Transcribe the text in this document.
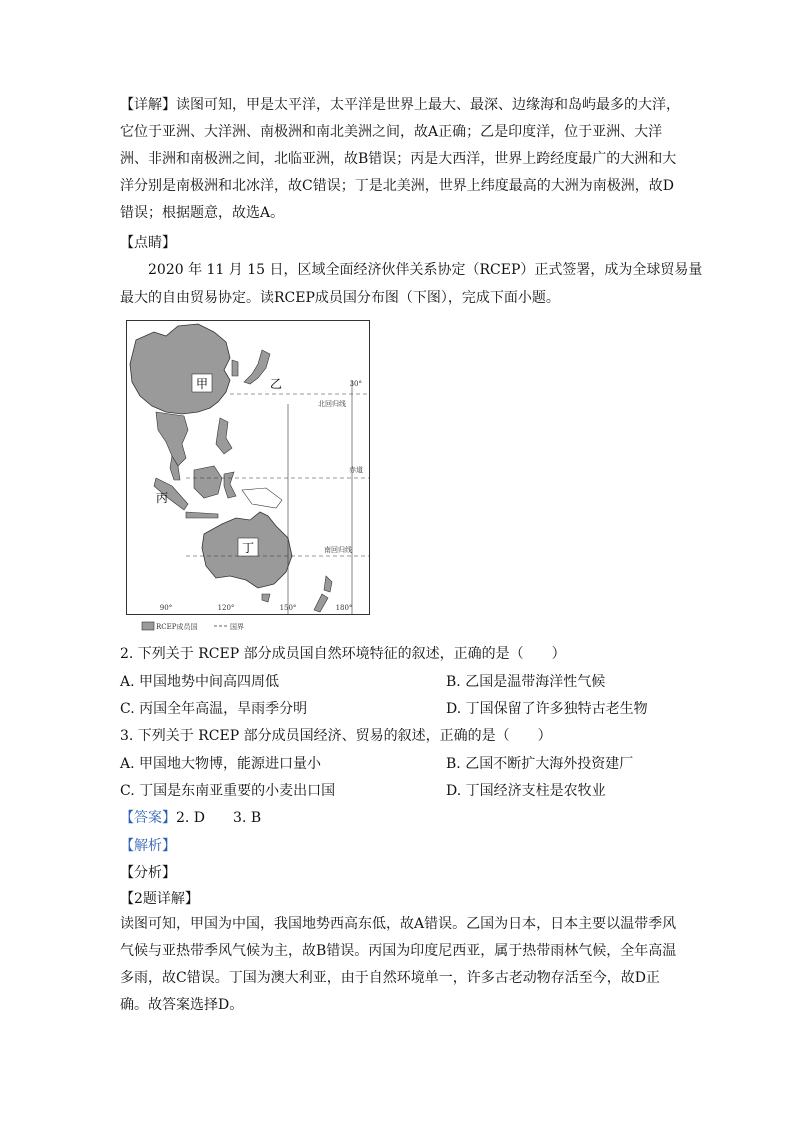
【详解】读图可知，甲是太平洋，太平洋是世界上最大、最深、边缘海和岛屿最多的大洋，它位于亚洲、大洋洲、南极洲和南北美洲之间，故A正确；乙是印度洋，位于亚洲、大洋洲、非洲和南极洲之间，北临亚洲，故B错误；丙是大西洋，世界上跨经度最广的大洲和大洋分别是南极洲和北冰洋，故C错误；丁是北美洲，世界上纬度最高的大洲为南极洲，故D错误；根据题意，故选A。
【点睛】
2020 年 11 月 15 日，区域全面经济伙伴关系协定（RCEP）正式签署，成为全球贸易量
最大的自由贸易协定。读RCEP成员国分布图（下图），完成下面小题。
甲	乙
丙
丁
30°
北回归线
赤道
南回归线
90°	120°	150°	180°
RCEP成员国	国界
2. 下列关于 RCEP 部分成员国自然环境特征的叙述，正确的是（　　）
A. 甲国地势中间高四周低	B. 乙国是温带海洋性气候
C. 丙国全年高温，旱雨季分明	D. 丁国保留了许多独特古老生物
3. 下列关于 RCEP 部分成员国经济、贸易的叙述，正确的是（　　）
A. 甲国地大物博，能源进口量小	B. 乙国不断扩大海外投资建厂
C. 丁国是东南亚重要的小麦出口国	D. 丁国经济支柱是农牧业
【答案】2. D　　3. B
【解析】
【分析】
【2题详解】
读图可知，甲国为中国，我国地势西高东低，故A错误。乙国为日本，日本主要以温带季风气候与亚热带季风气候为主，故B错误。丙国为印度尼西亚，属于热带雨林气候，全年高温多雨，故C错误。丁国为澳大利亚，由于自然环境单一，许多古老动物存活至今，故D正确。故答案选择D。
